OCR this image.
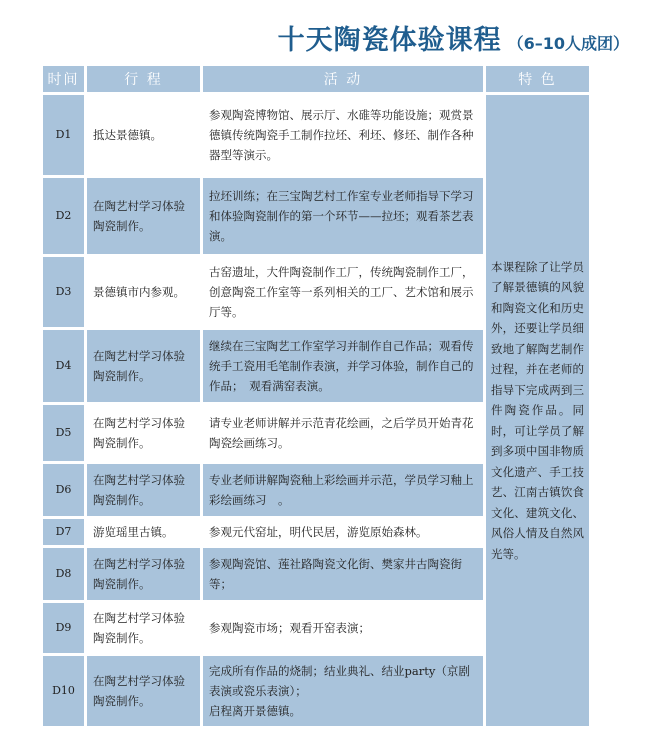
十天陶瓷体验课程 （6–10人成团）
时间	行 程	活 动	特 色
D1	抵达景德镇。	参观陶瓷博物馆、展示厅、水碓等功能设施；观赏景德镇传统陶瓷手工制作拉坯、利坯、修坯、制作各种器型等演示。	本课程除了让学员了解景德镇的风貌和陶瓷文化和历史外，还要让学员细致地了解陶艺制作过程，并在老师的指导下完成两到三件陶瓷作品。同时，可让学员了解到多项中国非物质文化遗产、手工技艺、江南古镇饮食文化、建筑文化、风俗人情及自然风光等。
D2	在陶艺村学习体验陶瓷制作。	拉坯训练；在三宝陶艺村工作室专业老师指导下学习和体验陶瓷制作的第一个环节——拉坯；观看茶艺表演。	
D3	景德镇市内参观。	古窑遗址，大件陶瓷制作工厂，传统陶瓷制作工厂，创意陶瓷工作室等一系列相关的工厂、艺术馆和展示厅等。	
D4	在陶艺村学习体验陶瓷制作。	继续在三宝陶艺工作室学习并制作自己作品；观看传统手工瓷用毛笔制作表演，并学习体验，制作自己的作品；　观看满窑表演。	
D5	在陶艺村学习体验陶瓷制作。	请专业老师讲解并示范青花绘画，之后学员开始青花陶瓷绘画练习。	
D6	在陶艺村学习体验陶瓷制作。	专业老师讲解陶瓷釉上彩绘画并示范，学员学习釉上彩绘画练习　。	
D7	游览瑶里古镇。	参观元代窑址，明代民居，游览原始森林。	
D8	在陶艺村学习体验陶瓷制作。	参观陶瓷馆、莲社路陶瓷文化街、樊家井古陶瓷街等；	
D9	在陶艺村学习体验陶瓷制作。	参观陶瓷市场；观看开窑表演；	
D10	在陶艺村学习体验陶瓷制作。	完成所有作品的烧制；结业典礼、结业party（京剧表演或瓷乐表演）；
启程离开景德镇。	
